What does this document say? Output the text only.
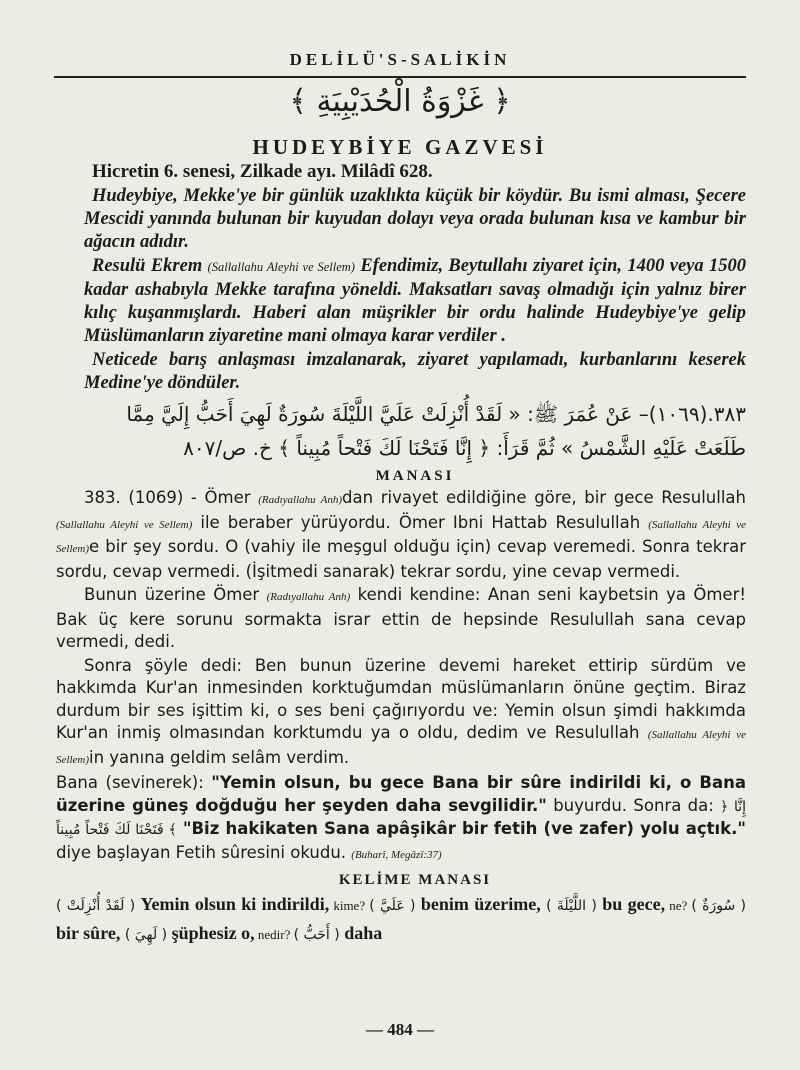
DELİLÜ'S-SALİKİN
﴿ غَزْوَةُ الْحُدَيْبِيَةِ ﴾
HUDEYBİYE GAZVESİ
Hicretin 6. senesi, Zilkade ayı. Milâdî 628.

Hudeybiye, Mekke'ye bir günlük uzaklıkta küçük bir köydür. Bu ismi alması, Şecere Mescidi yanında bulunan bir kuyudan dolayı veya orada bulunan kısa ve kambur bir ağacın adıdır.

Resulü Ekrem (Sallallahu Aleyhi ve Sellem) Efendimiz, Beytullahı ziyaret için, 1400 veya 1500 kadar ashabıyla Mekke tarafına yöneldi. Maksatları savaş olmadığı için yalnız birer kılıç kuşanmışlardı. Haberi alan müşrikler bir ordu halinde Hudeybiye'ye gelip Müslümanların ziyaretine mani olmaya karar verdiler .

Neticede barış anlaşması imzalanarak, ziyaret yapılamadı, kurbanlarını keserek Medine'ye döndüler.

٣٨٣.(١٠٦٩)– عَنْ عُمَرَ ﷺ: « لَقَدْ أُنْزِلَتْ عَلَيَّ اللَّيْلَةَ سُورَةٌ لَهِيَ أَحَبُّ إِلَيَّ مِمَّا
طَلَعَتْ عَلَيْهِ الشَّمْسُ » ثُمَّ قَرَأَ: ﴿ إِنَّا فَتَحْنَا لَكَ فَتْحاً مُبِيناً ﴾ خ. ص/٨٠٧
MANASI

383. (1069) - Ömer (Radıyallahu Anh)dan rivayet edildiğine göre, bir gece Resulullah (Sallallahu Aleyhi ve Sellem) ile beraber yürüyordu. Ömer Ibni Hattab Resulullah (Sallallahu Aleyhi ve Sellem)e bir şey sordu. O (vahiy ile meşgul olduğu için) cevap veremedi. Sonra tekrar sordu, cevap vermedi. (İşitmedi sanarak) tekrar sordu, yine cevap vermedi.

Bunun üzerine Ömer (Radıyallahu Anh) kendi kendine: Anan seni kaybetsin ya Ömer! Bak üç kere sorunu sormakta israr ettin de hepsinde Resulullah sana cevap vermedi, dedi.

Sonra şöyle dedi: Ben bunun üzerine devemi hareket ettirip sürdüm ve hakkımda Kur'an inmesinden korktuğumdan müslümanların önüne geçtim. Biraz durdum bir ses işittim ki, o ses beni çağırıyordu ve: Yemin olsun şimdi hakkımda Kur'an inmiş olmasından korktumdu ya o oldu, dedim ve Resulullah (Sallallahu Aleyhi ve Sellem)in yanına geldim selâm verdim.

Bana (sevinerek): "Yemin olsun, bu gece Bana bir sûre indirildi ki, o Bana üzerine güneş doğduğu her şeyden daha sevgilidir." buyurdu. Sonra da: ﴿ إِنَّا فَتَحْنَا لَكَ فَتْحاً مُبِيناً ﴾ "Biz hakikaten Sana apâşikâr bir fetih (ve zafer) yolu açtık." diye başlayan Fetih sûresini okudu. (Buharî, Megâzî:37)

KELİME MANASI
( لَقَدْ أُنْزِلَتْ ) Yemin olsun ki indirildi, kime? ( عَلَيَّ ) benim üzerime, ( اللَّيْلَةَ ) bu gece, ne? ( سُورَةٌ ) bir sûre, ( لَهِيَ ) şüphesiz o, nedir? ( أَحَبُّ ) daha
— 484 —
